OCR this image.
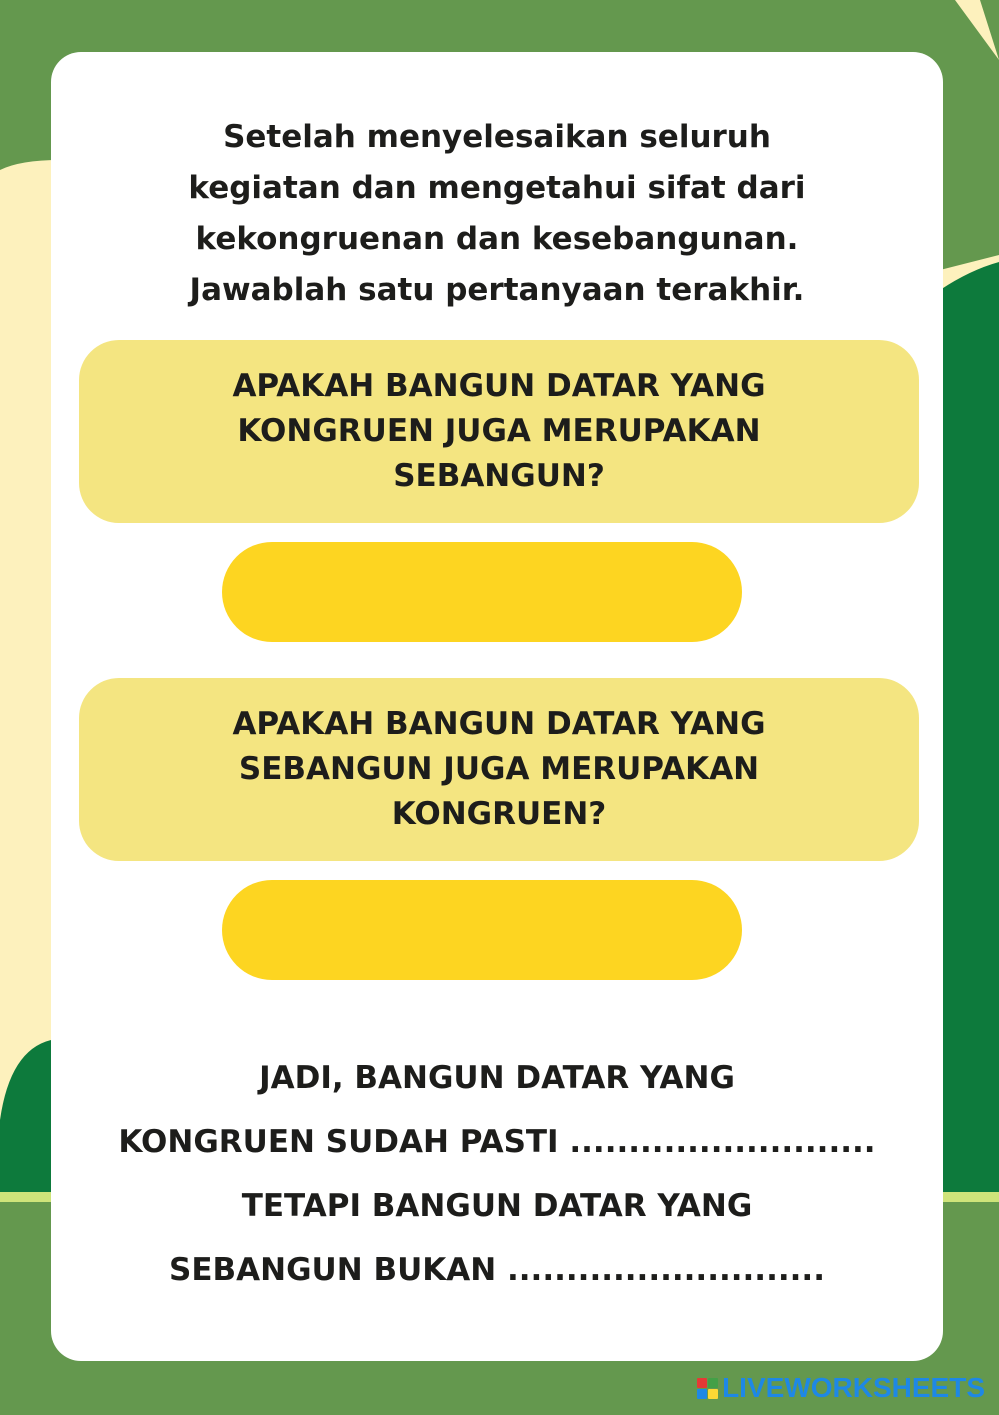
Setelah menyelesaikan seluruh kegiatan dan mengetahui sifat dari kekongruenan dan kesebangunan. Jawablah satu pertanyaan terakhir.

APAKAH BANGUN DATAR YANG KONGRUEN JUGA MERUPAKAN SEBANGUN?
APAKAH BANGUN DATAR YANG SEBANGUN JUGA MERUPAKAN KONGRUEN?
JADI, BANGUN DATAR YANG
KONGRUEN SUDAH PASTI ..........................
TETAPI BANGUN DATAR YANG
SEBANGUN BUKAN ...........................
LIVEWORKSHEETS
